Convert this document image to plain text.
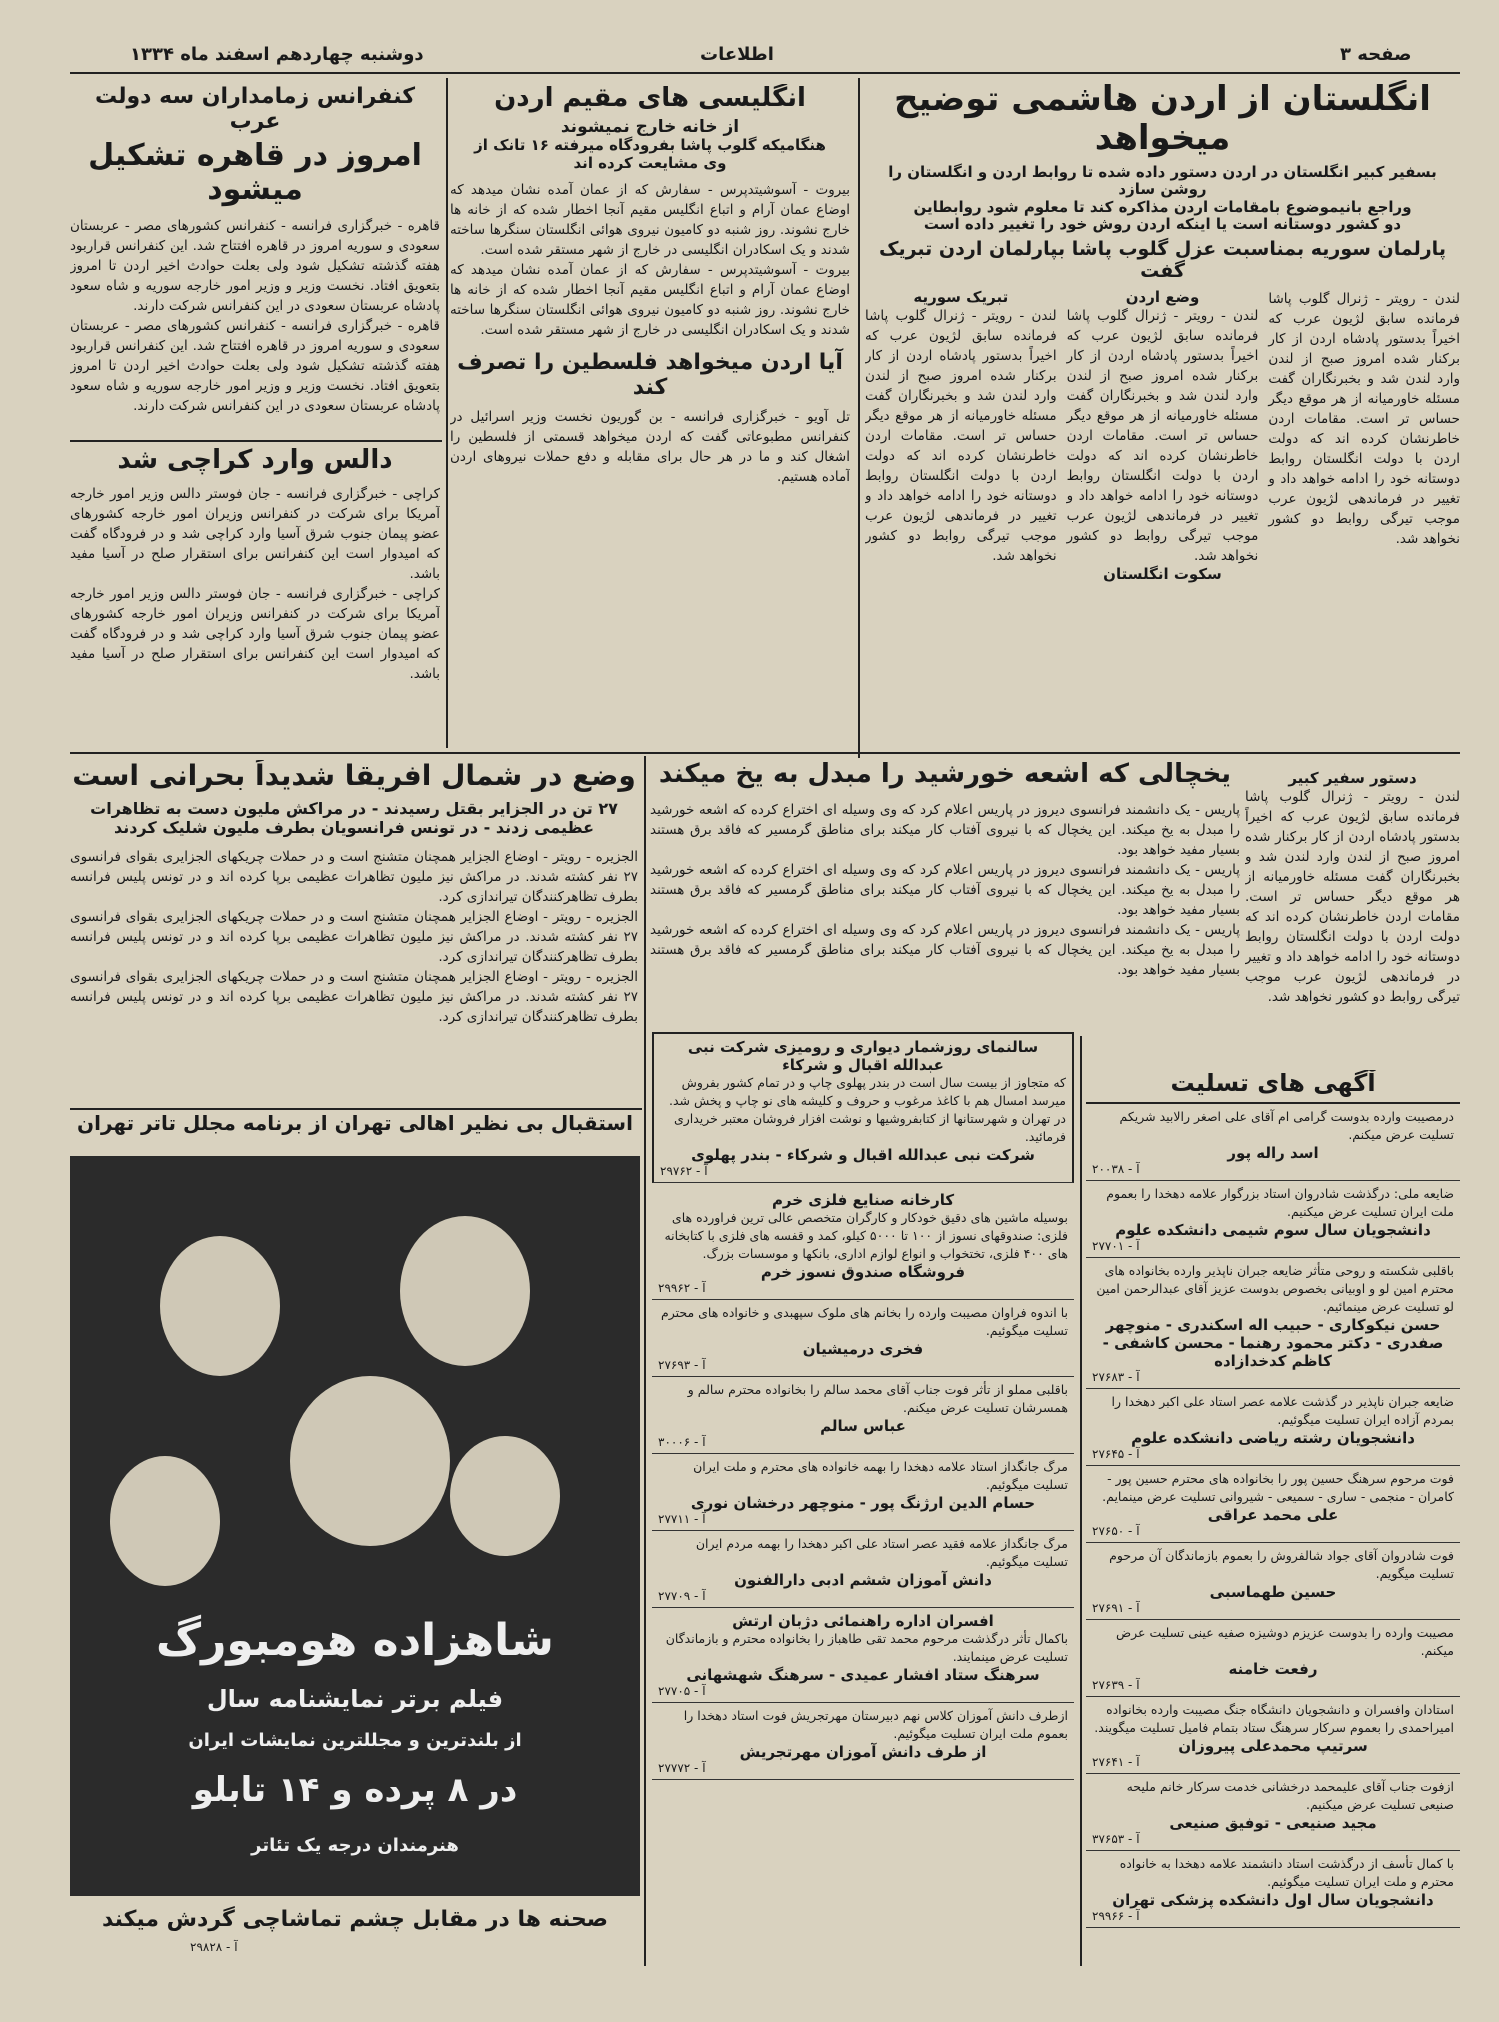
دوشنبه چهاردهم اسفند ماه ۱۳۳۴	اطلاعات	صفحه ۳
انگلستان از اردن هاشمی توضیح میخواهد
بسفیر کبیر انگلستان در اردن دستور داده شده تا روابط اردن و انگلستان را روشن سازد
وراجع بانیموضوع بامقامات اردن مذاکره کند تا معلوم شود روابطاین
دو کشور دوستانه است یا اینکه اردن روش خود را تغییر داده است
پارلمان سوریه بمناسبت عزل گلوب پاشا بپارلمان اردن تبریک گفت
لندن - رویتر - ژنرال گلوب پاشا فرمانده سابق لژیون عرب که اخیراً بدستور پادشاه اردن از کار برکنار شده امروز صبح از لندن وارد لندن شد و بخبرنگاران گفت مسئله خاورمیانه از هر موقع دیگر حساس تر است. مقامات اردن خاطرنشان کرده اند که دولت اردن با دولت انگلستان روابط دوستانه خود را ادامه خواهد داد و تغییر در فرماندهی لژیون عرب موجب تیرگی روابط دو کشور نخواهد شد.
وضع اردن
لندن - رویتر - ژنرال گلوب پاشا فرمانده سابق لژیون عرب که اخیراً بدستور پادشاه اردن از کار برکنار شده امروز صبح از لندن وارد لندن شد و بخبرنگاران گفت مسئله خاورمیانه از هر موقع دیگر حساس تر است. مقامات اردن خاطرنشان کرده اند که دولت اردن با دولت انگلستان روابط دوستانه خود را ادامه خواهد داد و تغییر در فرماندهی لژیون عرب موجب تیرگی روابط دو کشور نخواهد شد.
سکوت انگلستان
تبریک سوریه
لندن - رویتر - ژنرال گلوب پاشا فرمانده سابق لژیون عرب که اخیراً بدستور پادشاه اردن از کار برکنار شده امروز صبح از لندن وارد لندن شد و بخبرنگاران گفت مسئله خاورمیانه از هر موقع دیگر حساس تر است. مقامات اردن خاطرنشان کرده اند که دولت اردن با دولت انگلستان روابط دوستانه خود را ادامه خواهد داد و تغییر در فرماندهی لژیون عرب موجب تیرگی روابط دو کشور نخواهد شد.
دستور سفیر کبیر
لندن - رویتر - ژنرال گلوب پاشا فرمانده سابق لژیون عرب که اخیراً بدستور پادشاه اردن از کار برکنار شده امروز صبح از لندن وارد لندن شد و بخبرنگاران گفت مسئله خاورمیانه از هر موقع دیگر حساس تر است. مقامات اردن خاطرنشان کرده اند که دولت اردن با دولت انگلستان روابط دوستانه خود را ادامه خواهد داد و تغییر در فرماندهی لژیون عرب موجب تیرگی روابط دو کشور نخواهد شد.
انگلیسی های مقیم اردن
از خانه خارج نمیشوند
هنگامیکه گلوب پاشا بفرودگاه میرفته ۱۶ تانک از
وی مشایعت کرده اند
بیروت - آسوشیتدپرس - سفارش که از عمان آمده نشان میدهد که اوضاع عمان آرام و اتباع انگلیس مقیم آنجا اخطار شده که از خانه ها خارج نشوند. روز شنبه دو کامیون نیروی هوائی انگلستان سنگرها ساخته شدند و یک اسکادران انگلیسی در خارج از شهر مستقر شده است.
بیروت - آسوشیتدپرس - سفارش که از عمان آمده نشان میدهد که اوضاع عمان آرام و اتباع انگلیس مقیم آنجا اخطار شده که از خانه ها خارج نشوند. روز شنبه دو کامیون نیروی هوائی انگلستان سنگرها ساخته شدند و یک اسکادران انگلیسی در خارج از شهر مستقر شده است.
آیا اردن میخواهد فلسطین را تصرف کند
تل آویو - خبرگزاری فرانسه - بن گوریون نخست وزیر اسرائیل در کنفرانس مطبوعاتی گفت که اردن میخواهد قسمتی از فلسطین را اشغال کند و ما در هر حال برای مقابله و دفع حملات نیروهای اردن آماده هستیم.
کنفرانس زمامداران سه دولت عرب
امروز در قاهره تشکیل میشود
قاهره - خبرگزاری فرانسه - کنفرانس کشورهای مصر - عربستان سعودی و سوریه امروز در قاهره افتتاح شد. این کنفرانس قراربود هفته گذشته تشکیل شود ولی بعلت حوادث اخیر اردن تا امروز بتعویق افتاد. نخست وزیر و وزیر امور خارجه سوریه و شاه سعود پادشاه عربستان سعودی در این کنفرانس شرکت دارند.
قاهره - خبرگزاری فرانسه - کنفرانس کشورهای مصر - عربستان سعودی و سوریه امروز در قاهره افتتاح شد. این کنفرانس قراربود هفته گذشته تشکیل شود ولی بعلت حوادث اخیر اردن تا امروز بتعویق افتاد. نخست وزیر و وزیر امور خارجه سوریه و شاه سعود پادشاه عربستان سعودی در این کنفرانس شرکت دارند.
دالس وارد کراچی شد
کراچی - خبرگزاری فرانسه - جان فوستر دالس وزیر امور خارجه آمریکا برای شرکت در کنفرانس وزیران امور خارجه کشورهای عضو پیمان جنوب شرق آسیا وارد کراچی شد و در فرودگاه گفت که امیدوار است این کنفرانس برای استقرار صلح در آسیا مفید باشد.
کراچی - خبرگزاری فرانسه - جان فوستر دالس وزیر امور خارجه آمریکا برای شرکت در کنفرانس وزیران امور خارجه کشورهای عضو پیمان جنوب شرق آسیا وارد کراچی شد و در فرودگاه گفت که امیدوار است این کنفرانس برای استقرار صلح در آسیا مفید باشد.
یخچالی که اشعه خورشید را مبدل به یخ میکند
پاریس - یک دانشمند فرانسوی دیروز در پاریس اعلام کرد که وی وسیله ای اختراع کرده که اشعه خورشید را مبدل به یخ میکند. این یخچال که با نیروی آفتاب کار میکند برای مناطق گرمسیر که فاقد برق هستند بسیار مفید خواهد بود.
پاریس - یک دانشمند فرانسوی دیروز در پاریس اعلام کرد که وی وسیله ای اختراع کرده که اشعه خورشید را مبدل به یخ میکند. این یخچال که با نیروی آفتاب کار میکند برای مناطق گرمسیر که فاقد برق هستند بسیار مفید خواهد بود.
پاریس - یک دانشمند فرانسوی دیروز در پاریس اعلام کرد که وی وسیله ای اختراع کرده که اشعه خورشید را مبدل به یخ میکند. این یخچال که با نیروی آفتاب کار میکند برای مناطق گرمسیر که فاقد برق هستند بسیار مفید خواهد بود.
وضع در شمال افریقا شدیداً بحرانی است
۲۷ تن در الجزایر بقتل رسیدند - در مراکش ملیون دست به تظاهرات
عظیمی زدند - در تونس فرانسویان بطرف ملیون شلیک کردند
الجزیره - رویتر - اوضاع الجزایر همچنان متشنج است و در حملات چریکهای الجزایری بقوای فرانسوی ۲۷ نفر کشته شدند. در مراکش نیز ملیون تظاهرات عظیمی برپا کرده اند و در تونس پلیس فرانسه بطرف تظاهرکنندگان تیراندازی کرد.
الجزیره - رویتر - اوضاع الجزایر همچنان متشنج است و در حملات چریکهای الجزایری بقوای فرانسوی ۲۷ نفر کشته شدند. در مراکش نیز ملیون تظاهرات عظیمی برپا کرده اند و در تونس پلیس فرانسه بطرف تظاهرکنندگان تیراندازی کرد.
الجزیره - رویتر - اوضاع الجزایر همچنان متشنج است و در حملات چریکهای الجزایری بقوای فرانسوی ۲۷ نفر کشته شدند. در مراکش نیز ملیون تظاهرات عظیمی برپا کرده اند و در تونس پلیس فرانسه بطرف تظاهرکنندگان تیراندازی کرد.
استقبال بی نظیر اهالی تهران از برنامه مجلل تاتر تهران
شاهزاده هومبورگ
فیلم برتر نمایشنامه سال
از بلندترین و مجللترین نمایشات ایران
در ۸ پرده و ۱۴ تابلو
هنرمندان درجه یک تئاتر
صحنه ها در مقابل چشم تماشاچی گردش میکند
آ - ۲۹۸۲۸
سالنمای روزشمار دیواری و رومیزی شرکت نبی عبدالله اقبال و شرکاء
که متجاوز از بیست سال است در بندر پهلوی چاپ و در تمام کشور بفروش میرسد امسال هم با کاغذ مرغوب و حروف و کلیشه های نو چاپ و پخش شد. در تهران و شهرستانها از کتابفروشیها و نوشت افزار فروشان معتبر خریداری فرمائید.
شرکت نبی عبدالله اقبال و شرکاء - بندر پهلوی
آ - ۲۹۷۶۲
کارخانه صنایع فلزی خرم
بوسیله ماشین های دقیق خودکار و کارگران متخصص عالی ترین فراورده های فلزی: صندوقهای نسوز از ۱۰۰ تا ۵۰۰۰ کیلو، کمد و قفسه های فلزی با کتابخانه های ۴۰۰ فلزی، تختخواب و انواع لوازم اداری، بانکها و موسسات بزرگ.
فروشگاه صندوق نسوز خرم
آ - ۲۹۹۶۲
با اندوه فراوان مصیبت وارده را بخانم های ملوک سپهبدی و خانواده های محترم تسلیت میگوئیم.
فخری درمیشیان
آ - ۲۷۶۹۳
باقلبی مملو از تأثر فوت جناب آقای محمد سالم را بخانواده محترم سالم و همسرشان تسلیت عرض میکنم.
عباس سالم
آ - ۳۰۰۰۶
مرگ جانگداز استاد علامه دهخدا را بهمه خانواده های محترم و ملت ایران تسلیت میگوئیم.
حسام الدین ارژنگ پور - منوچهر درخشان نوری
آ - ۲۷۷۱۱
مرگ جانگداز علامه فقید عصر استاد علی اکبر دهخدا را بهمه مردم ایران تسلیت میگوئیم.
دانش آموزان ششم ادبی دارالفنون
آ - ۲۷۷۰۹
افسران اداره راهنمائی دژبان ارتش
باکمال تأثر درگذشت مرحوم محمد تقی طاهباز را بخانواده محترم و بازماندگان تسلیت عرض مینمایند.
سرهنگ ستاد افشار عمیدی - سرهنگ شهشهانی
آ - ۲۷۷۰۵
ازطرف دانش آموزان کلاس نهم دبیرستان مهرتجریش فوت استاد دهخدا را بعموم ملت ایران تسلیت میگوئیم.
از طرف دانش آموزان مهرتجریش
آ - ۲۷۷۷۲
آگهی های تسلیت
درمصیبت وارده بدوست گرامی ام آقای علی اصغر رالابید شریکم تسلیت عرض میکنم.
اسد راله پور
آ - ۲۰۰۳۸
ضایعه ملی: درگذشت شادروان استاد بزرگوار علامه دهخدا را بعموم ملت ایران تسلیت عرض میکنیم.
دانشجویان سال سوم شیمی دانشکده علوم
آ - ۲۷۷۰۱
باقلبی شکسته و روحی متأثر ضایعه جبران ناپذیر وارده بخانواده های محترم امین لو و اوبیانی بخصوص بدوست عزیز آقای عبدالرحمن امین لو تسلیت عرض مینمائیم.
حسن نیکوکاری - حبیب اله اسکندری - منوچهر صفدری - دکتر محمود رهنما - محسن کاشفی - کاظم کدخدازاده
آ - ۲۷۶۸۳
ضایعه جبران ناپذیر در گذشت علامه عصر استاد علی اکبر دهخدا را بمردم آزاده ایران تسلیت میگوئیم.
دانشجویان رشته ریاضی دانشکده علوم
آ - ۲۷۶۴۵
فوت مرحوم سرهنگ حسین پور را بخانواده های محترم حسین پور - کامران - منجمی - ساری - سمیعی - شیروانی تسلیت عرض مینمایم.
علی محمد عراقی
آ - ۲۷۶۵۰
فوت شادروان آقای جواد شالفروش را بعموم بازماندگان آن مرحوم تسلیت میگویم.
حسین طهماسبی
آ - ۲۷۶۹۱
مصیبت وارده را بدوست عزیزم دوشیزه صفیه عینی تسلیت عرض میکنم.
رفعت خامنه
آ - ۲۷۶۳۹
استادان وافسران و دانشجویان دانشگاه جنگ مصیبت وارده بخانواده امیراحمدی را بعموم سرکار سرهنگ ستاد بتمام فامیل تسلیت میگویند.
سرتیپ محمدعلی پیروزان
آ - ۲۷۶۴۱
ازفوت جناب آقای علیمحمد درخشانی خدمت سرکار خانم ملیحه صنیعی تسلیت عرض میکنیم.
مجید صنیعی - توفیق صنیعی
آ - ۳۷۶۵۳
با کمال تأسف از درگذشت استاد دانشمند علامه دهخدا به خانواده محترم و ملت ایران تسلیت میگوئیم.
دانشجویان سال اول دانشکده پزشکی تهران
آ - ۲۹۹۶۶
